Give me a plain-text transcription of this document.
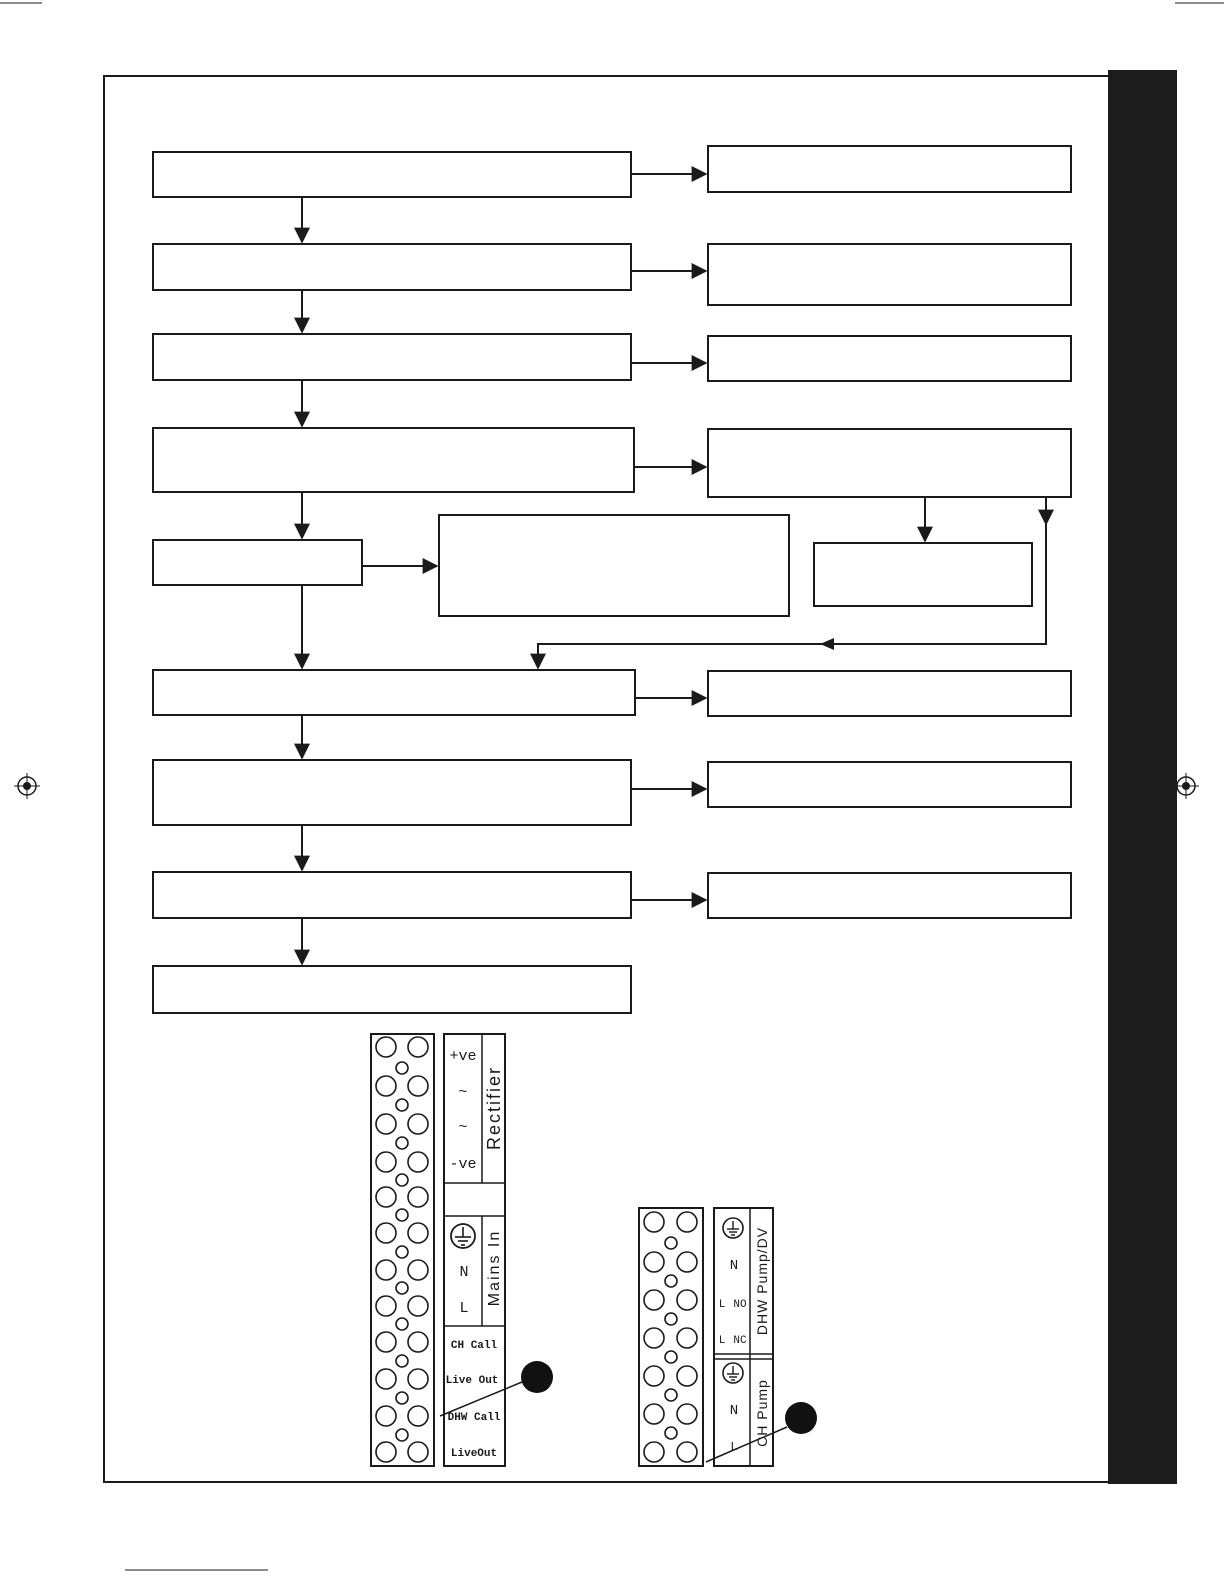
+ve
~
~
-ve
Rectifier
N
L
Mains In
CH Call
Live Out
DHW Call
LiveOut
N
L NO
L NC
DHW Pump/DV
N
L
CH Pump
